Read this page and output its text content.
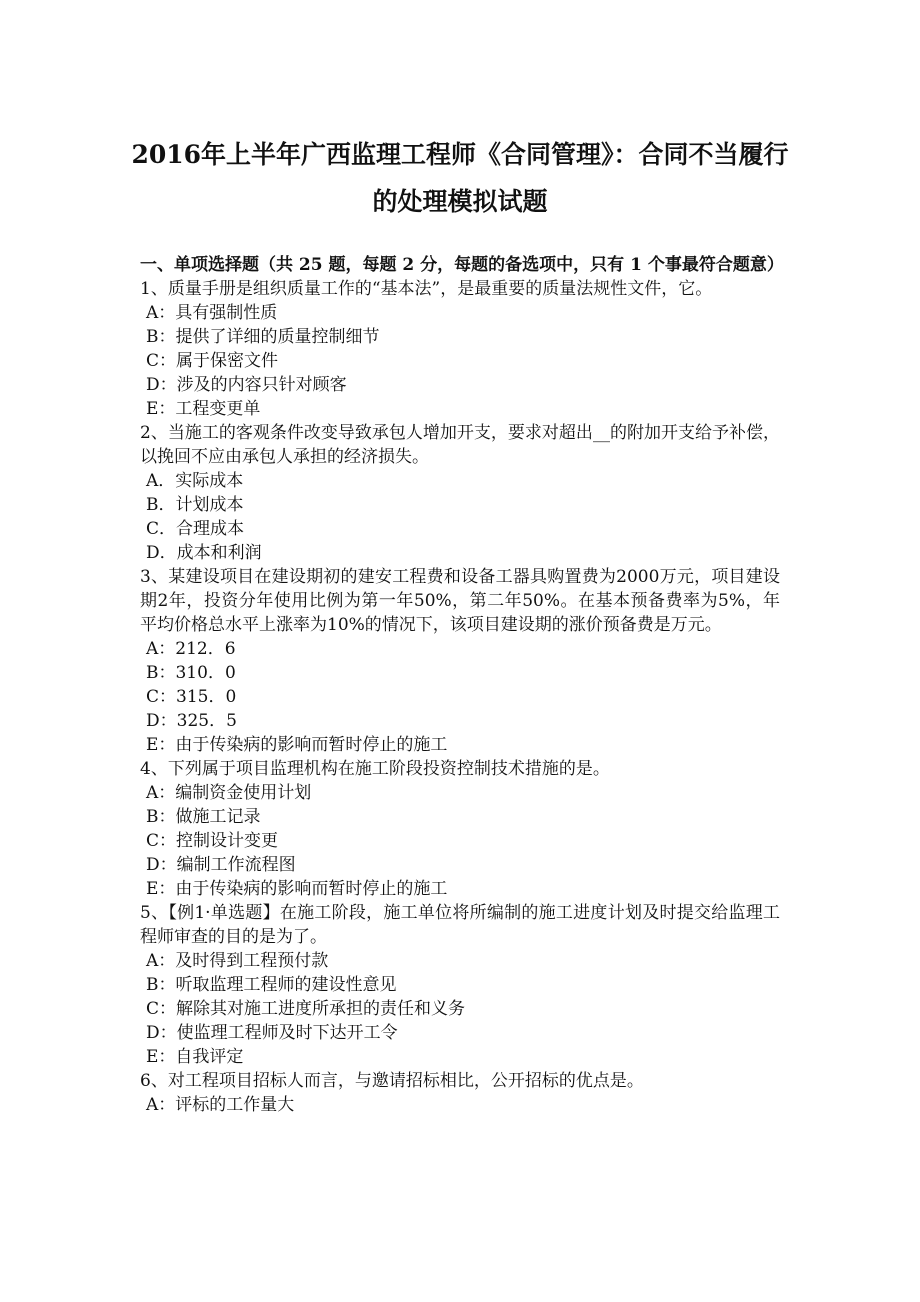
2016年上半年广西监理工程师《合同管理》：合同不当履行
的处理模拟试题

一、单项选择题（共 25 题，每题 2 分，每题的备选项中，只有 1 个事最符合题意）

1、质量手册是组织质量工作的“基本法”，是最重要的质量法规性文件，它。

A：具有强制性质

B：提供了详细的质量控制细节

C：属于保密文件

D：涉及的内容只针对顾客

E：工程变更单

2、当施工的客观条件改变导致承包人增加开支，要求对超出__的附加开支给予补偿，以挽回不应由承包人承担的经济损失。

A．实际成本

B．计划成本

C．合理成本

D．成本和利润

3、某建设项目在建设期初的建安工程费和设备工器具购置费为2000万元，项目建设期2年，投资分年使用比例为第一年50%，第二年50%。在基本预备费率为5%，年平均价格总水平上涨率为10%的情况下，该项目建设期的涨价预备费是万元。

A：212．6

B：310．0

C：315．0

D：325．5

E：由于传染病的影响而暂时停止的施工

4、下列属于项目监理机构在施工阶段投资控制技术措施的是。

A：编制资金使用计划

B：做施工记录

C：控制设计变更

D：编制工作流程图

E：由于传染病的影响而暂时停止的施工

5、【例1·单选题】在施工阶段，施工单位将所编制的施工进度计划及时提交给监理工程师审查的目的是为了。

A：及时得到工程预付款

B：听取监理工程师的建设性意见

C：解除其对施工进度所承担的责任和义务

D：使监理工程师及时下达开工令

E：自我评定

6、对工程项目招标人而言，与邀请招标相比，公开招标的优点是。

A：评标的工作量大
